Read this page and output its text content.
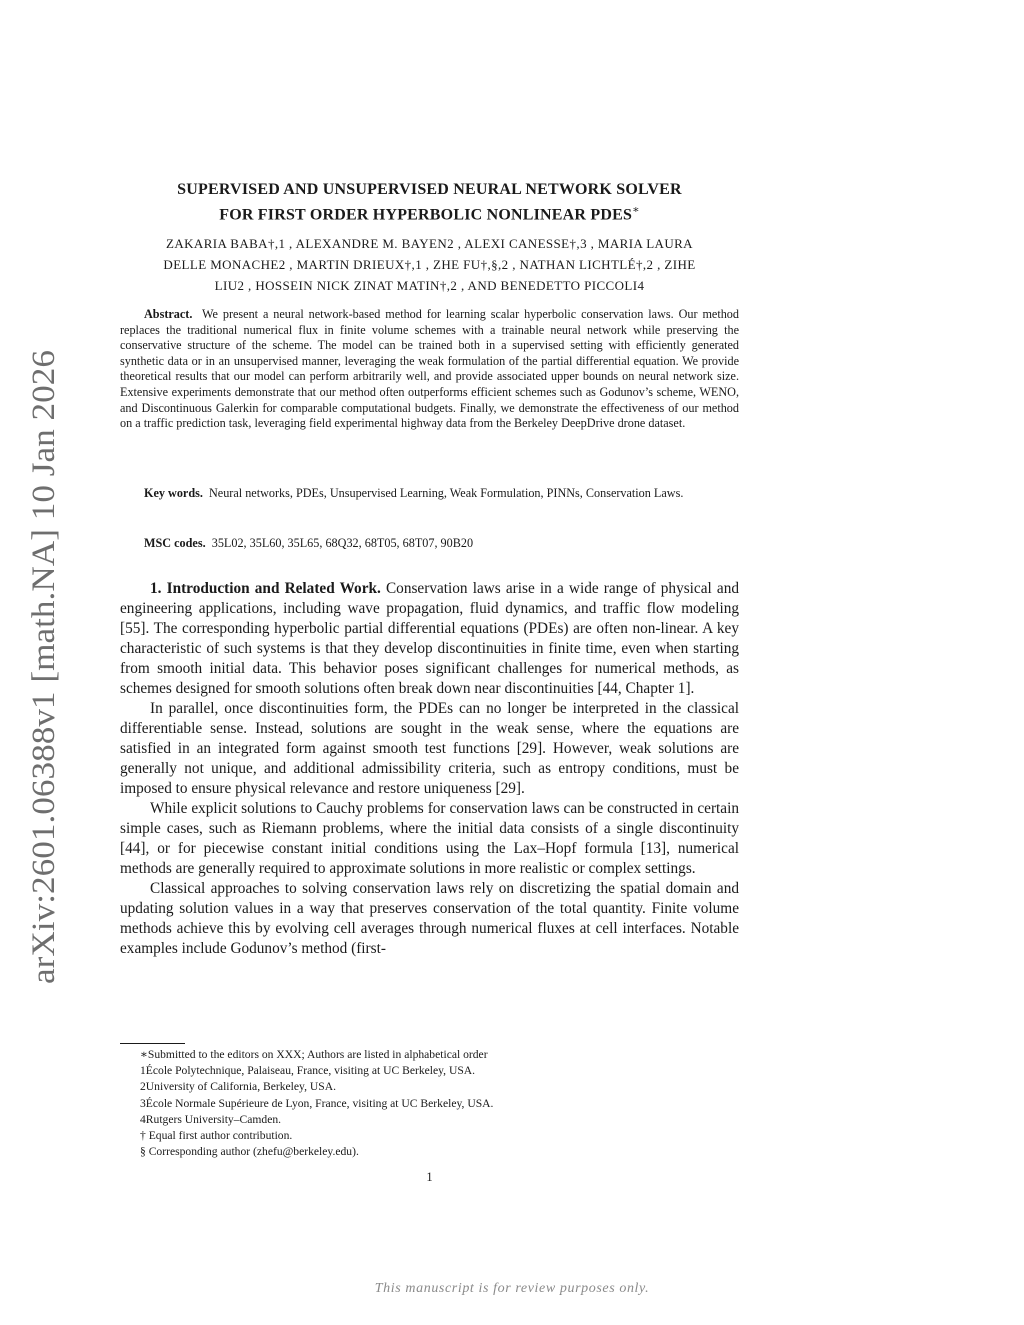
arXiv:2601.06388v1 [math.NA] 10 Jan 2026
SUPERVISED AND UNSUPERVISED NEURAL NETWORK SOLVER
FOR FIRST ORDER HYPERBOLIC NONLINEAR PDES∗
ZAKARIA BABA†,1 , ALEXANDRE M. BAYEN2 , ALEXI CANESSE†,3 , MARIA LAURA
DELLE MONACHE2 , MARTIN DRIEUX†,1 , ZHE FU†,§,2 , NATHAN LICHTLÉ†,2 , ZIHE
LIU2 , HOSSEIN NICK ZINAT MATIN†,2 , AND BENEDETTO PICCOLI4

Abstract. We present a neural network-based method for learning scalar hyperbolic conservation laws. Our method replaces the traditional numerical flux in finite volume schemes with a trainable neural network while preserving the conservative structure of the scheme. The model can be trained both in a supervised setting with efficiently generated synthetic data or in an unsupervised manner, leveraging the weak formulation of the partial differential equation. We provide theoretical results that our model can perform arbitrarily well, and provide associated upper bounds on neural network size. Extensive experiments demonstrate that our method often outperforms efficient schemes such as Godunov’s scheme, WENO, and Discontinuous Galerkin for comparable computational budgets. Finally, we demonstrate the effectiveness of our method on a traffic prediction task, leveraging field experimental highway data from the Berkeley DeepDrive drone dataset.

Key words. Neural networks, PDEs, Unsupervised Learning, Weak Formulation, PINNs, Conservation Laws.

MSC codes. 35L02, 35L60, 35L65, 68Q32, 68T05, 68T07, 90B20

1. Introduction and Related Work. Conservation laws arise in a wide range of physical and engineering applications, including wave propagation, fluid dynamics, and traffic flow modeling [55]. The corresponding hyperbolic partial differential equations (PDEs) are often non-linear. A key characteristic of such systems is that they develop discontinuities in finite time, even when starting from smooth initial data. This behavior poses significant challenges for numerical methods, as schemes designed for smooth solutions often break down near discontinuities [44, Chapter 1].

In parallel, once discontinuities form, the PDEs can no longer be interpreted in the classical differentiable sense. Instead, solutions are sought in the weak sense, where the equations are satisfied in an integrated form against smooth test functions [29]. However, weak solutions are generally not unique, and additional admissibility criteria, such as entropy conditions, must be imposed to ensure physical relevance and restore uniqueness [29].

While explicit solutions to Cauchy problems for conservation laws can be constructed in certain simple cases, such as Riemann problems, where the initial data consists of a single discontinuity [44], or for piecewise constant initial conditions using the Lax–Hopf formula [13], numerical methods are generally required to approximate solutions in more realistic or complex settings.

Classical approaches to solving conservation laws rely on discretizing the spatial domain and updating solution values in a way that preserves conservation of the total quantity. Finite volume methods achieve this by evolving cell averages through numerical fluxes at cell interfaces. Notable examples include Godunov’s method (first-

∗Submitted to the editors on XXX; Authors are listed in alphabetical order
1École Polytechnique, Palaiseau, France, visiting at UC Berkeley, USA.
2University of California, Berkeley, USA.
3École Normale Supérieure de Lyon, France, visiting at UC Berkeley, USA.
4Rutgers University–Camden.
† Equal first author contribution.
§ Corresponding author (zhefu@berkeley.edu).
1
This manuscript is for review purposes only.
